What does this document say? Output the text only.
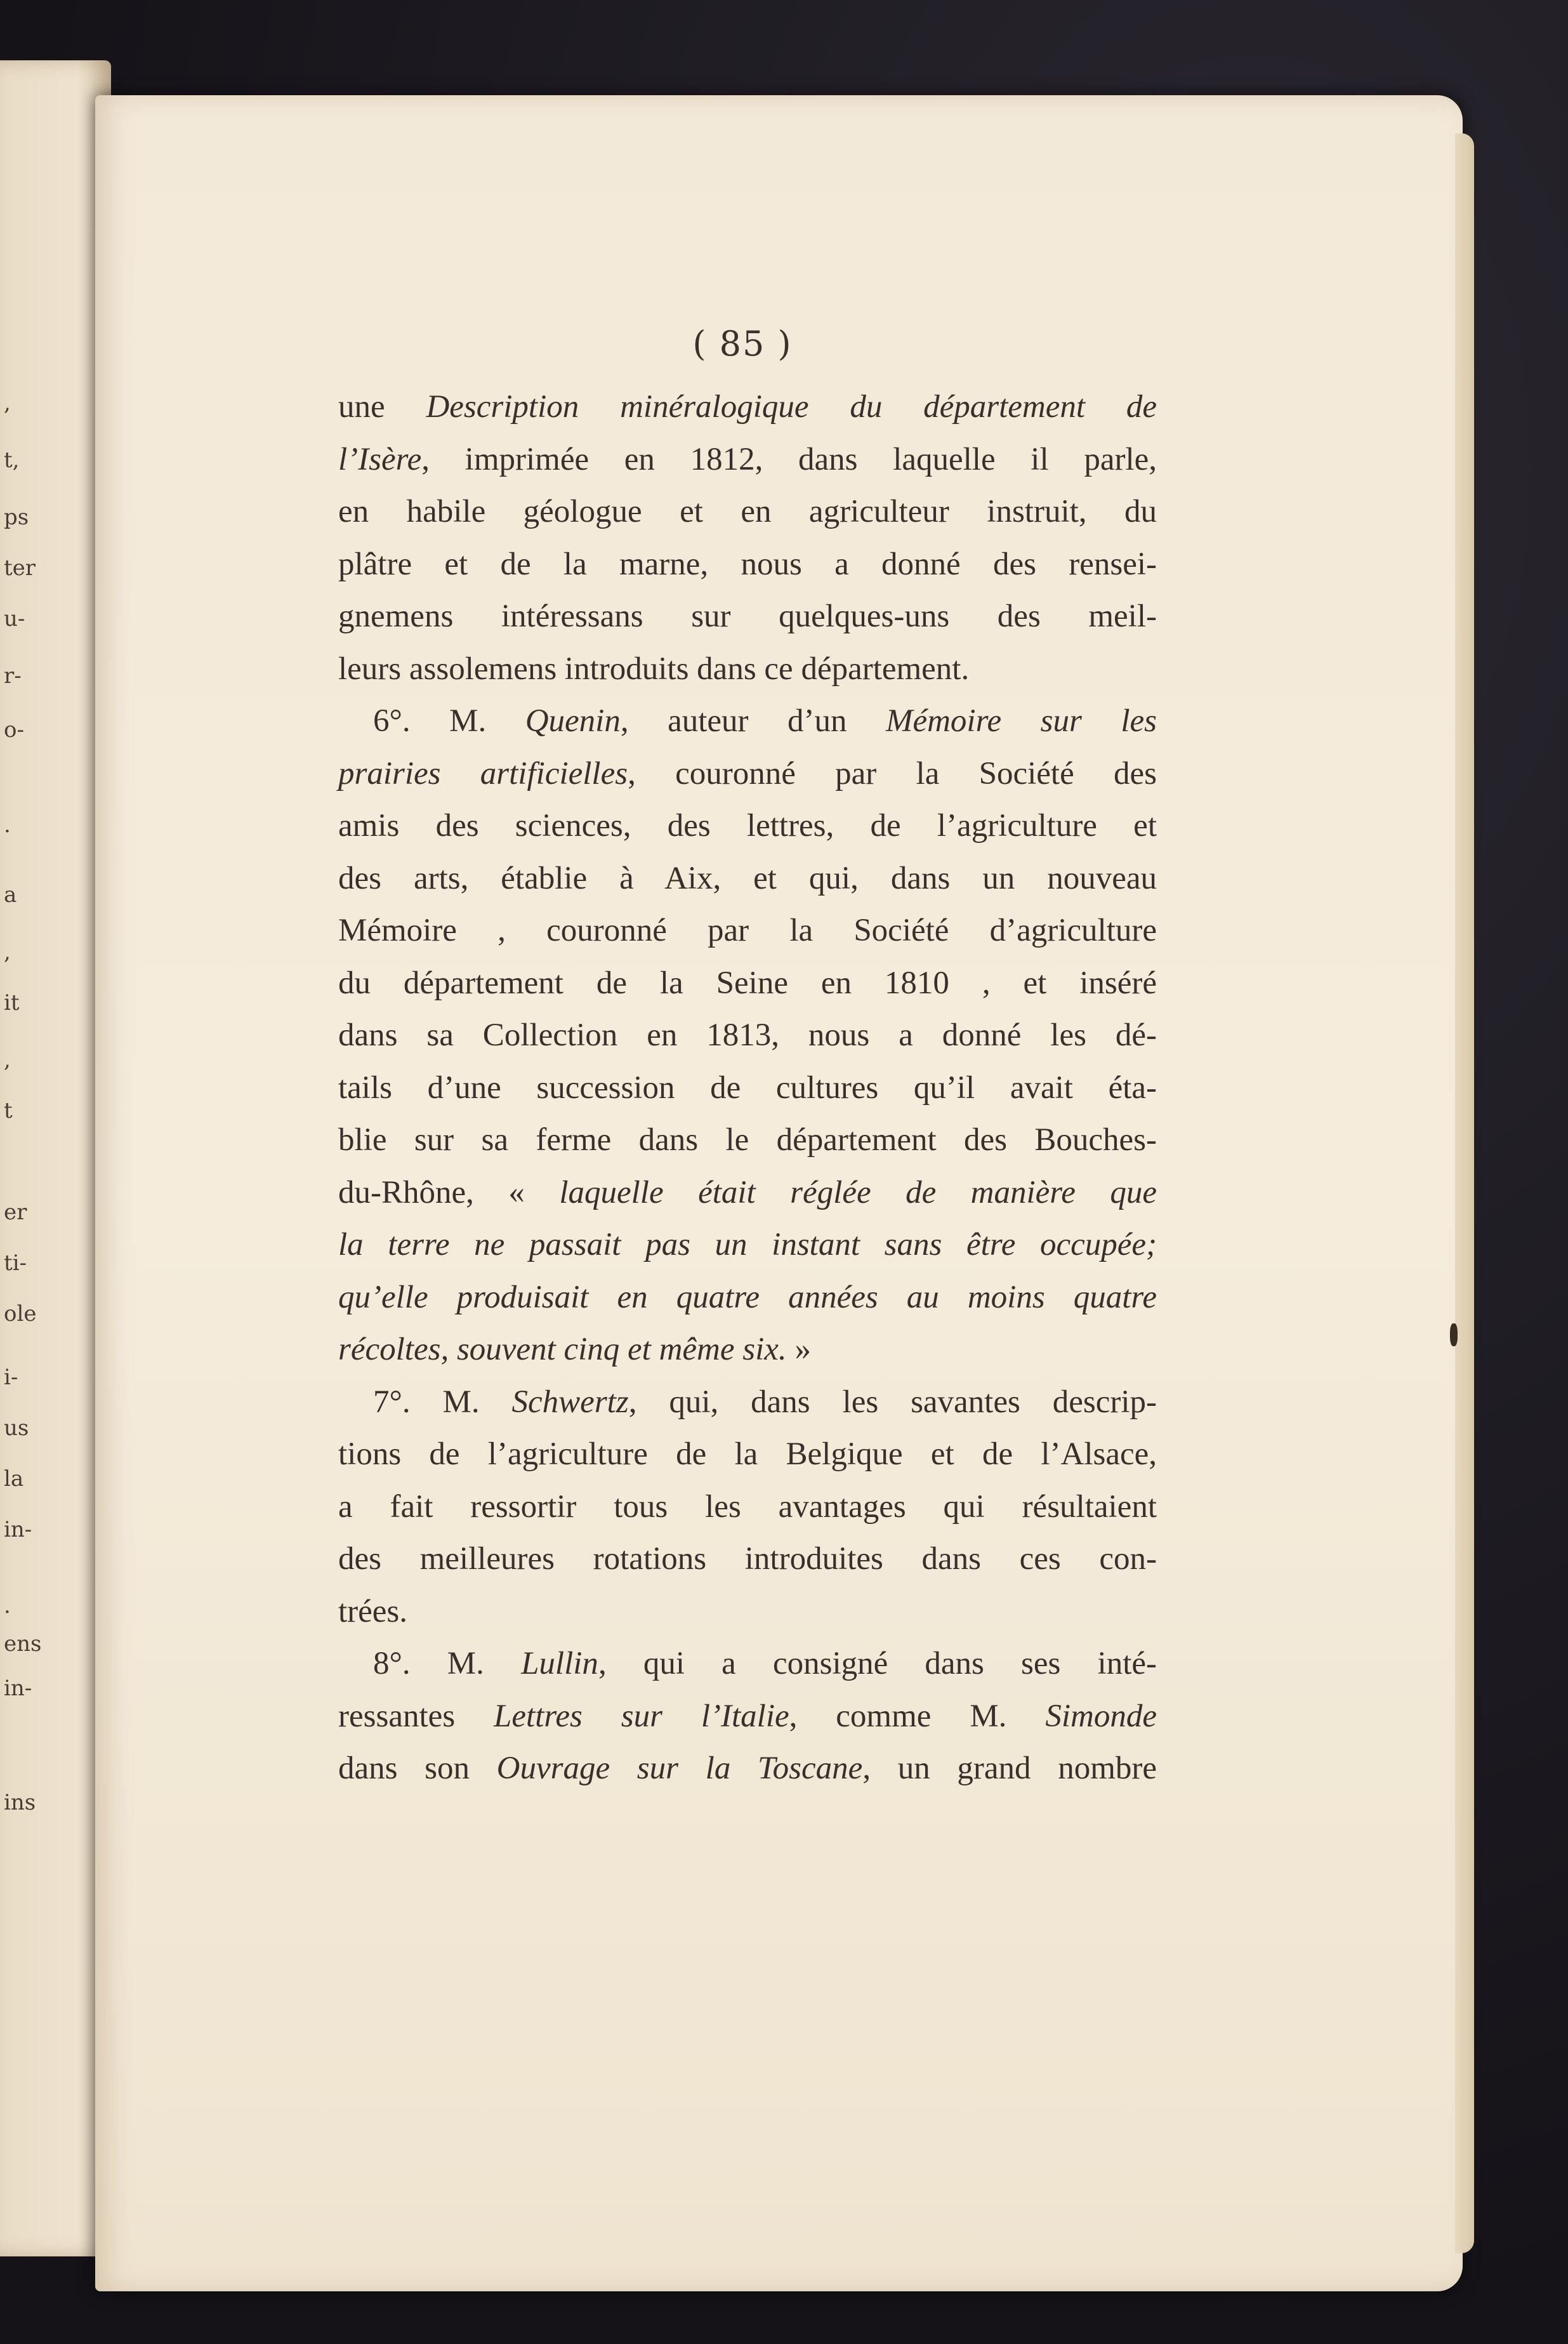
,
t,
ps
ter
u-
r-
o-
.
a
,
it
,
t
er
ti-
ole
i-
us
la
in-
.
ens
in-
ins
( 85 )
une Description minéralogique du département de
l’Isère, imprimée en 1812, dans laquelle il parle,
en habile géologue et en agriculteur instruit, du
plâtre et de la marne, nous a donné des rensei-
gnemens intéressans sur quelques-uns des meil-
leurs assolemens introduits dans ce département.
6°. M. Quenin, auteur d’un Mémoire sur les
prairies artificielles, couronné par la Société des
amis des sciences, des lettres, de l’agriculture et
des arts, établie à Aix, et qui, dans un nouveau
Mémoire , couronné par la Société d’agriculture
du département de la Seine en 1810 , et inséré
dans sa Collection en 1813, nous a donné les dé-
tails d’une succession de cultures qu’il avait éta-
blie sur sa ferme dans le département des Bouches-
du-Rhône, « laquelle était réglée de manière que
la terre ne passait pas un instant sans être occupée;
qu’elle produisait en quatre années au moins quatre
récoltes, souvent cinq et même six. »
7°. M. Schwertz, qui, dans les savantes descrip-
tions de l’agriculture de la Belgique et de l’Alsace,
a fait ressortir tous les avantages qui résultaient
des meilleures rotations introduites dans ces con-
trées.
8°. M. Lullin, qui a consigné dans ses inté-
ressantes Lettres sur l’Italie, comme M. Simonde
dans son Ouvrage sur la Toscane, un grand nombre
